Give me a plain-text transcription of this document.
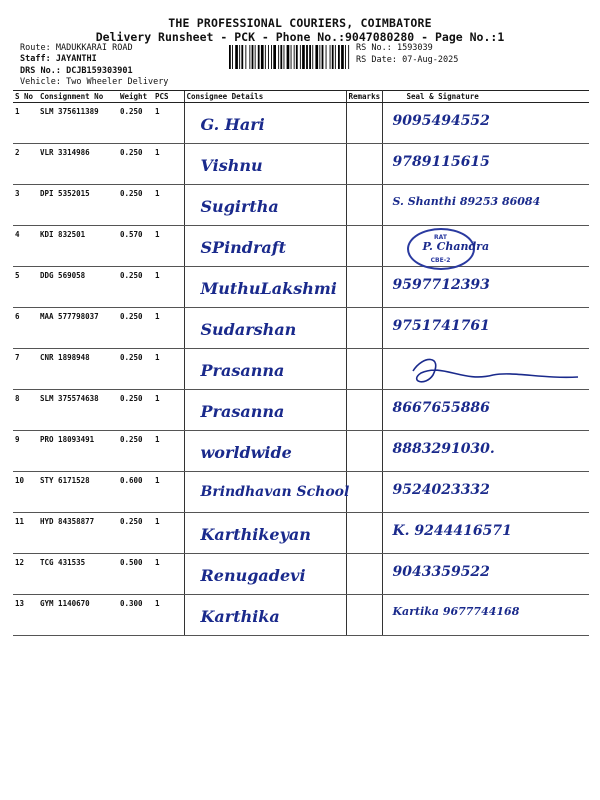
THE PROFESSIONAL COURIERS, COIMBATORE
Delivery Runsheet - PCK - Phone No.:9047080280 - Page No.:1
Route: MADUKKARAI ROAD
Staff: JAYANTHI
DRS No.: DCJB159303901
Vehicle: Two Wheeler Delivery
RS No.: 1593039
RS Date: 07-Aug-2025
S No	Consignment No	Weight	PCS	Consignee Details	Remarks	Seal & Signature
1	SLM 375611389	0.250	1	G. Hari		9095494552

2	VLR 3314986	0.250	1	Vishnu		9789115615

3	DPI 5352015	0.250	1	Sugirtha		S. Shanthi 89253 86084

4	KDI 832501	0.570	1	SPindraft		RAT
CBE-2
P. Chandra

5	DDG 569058	0.250	1	MuthuLakshmi		9597712393

6	MAA 577798037	0.250	1	Sudarshan		9751741761

7	CNR 1898948	0.250	1	Prasanna

8	SLM 375574638	0.250	1	Prasanna		8667655886

9	PRO 18093491	0.250	1	worldwide		8883291030.

10	STY 6171528	0.600	1	Brindhavan School		9524023332

11	HYD 84358877	0.250	1	Karthikeyan		K. 9244416571

12	TCG 431535	0.500	1	Renugadevi		9043359522

13	GYM 1140670	0.300	1	Karthika		Kartika 9677744168
